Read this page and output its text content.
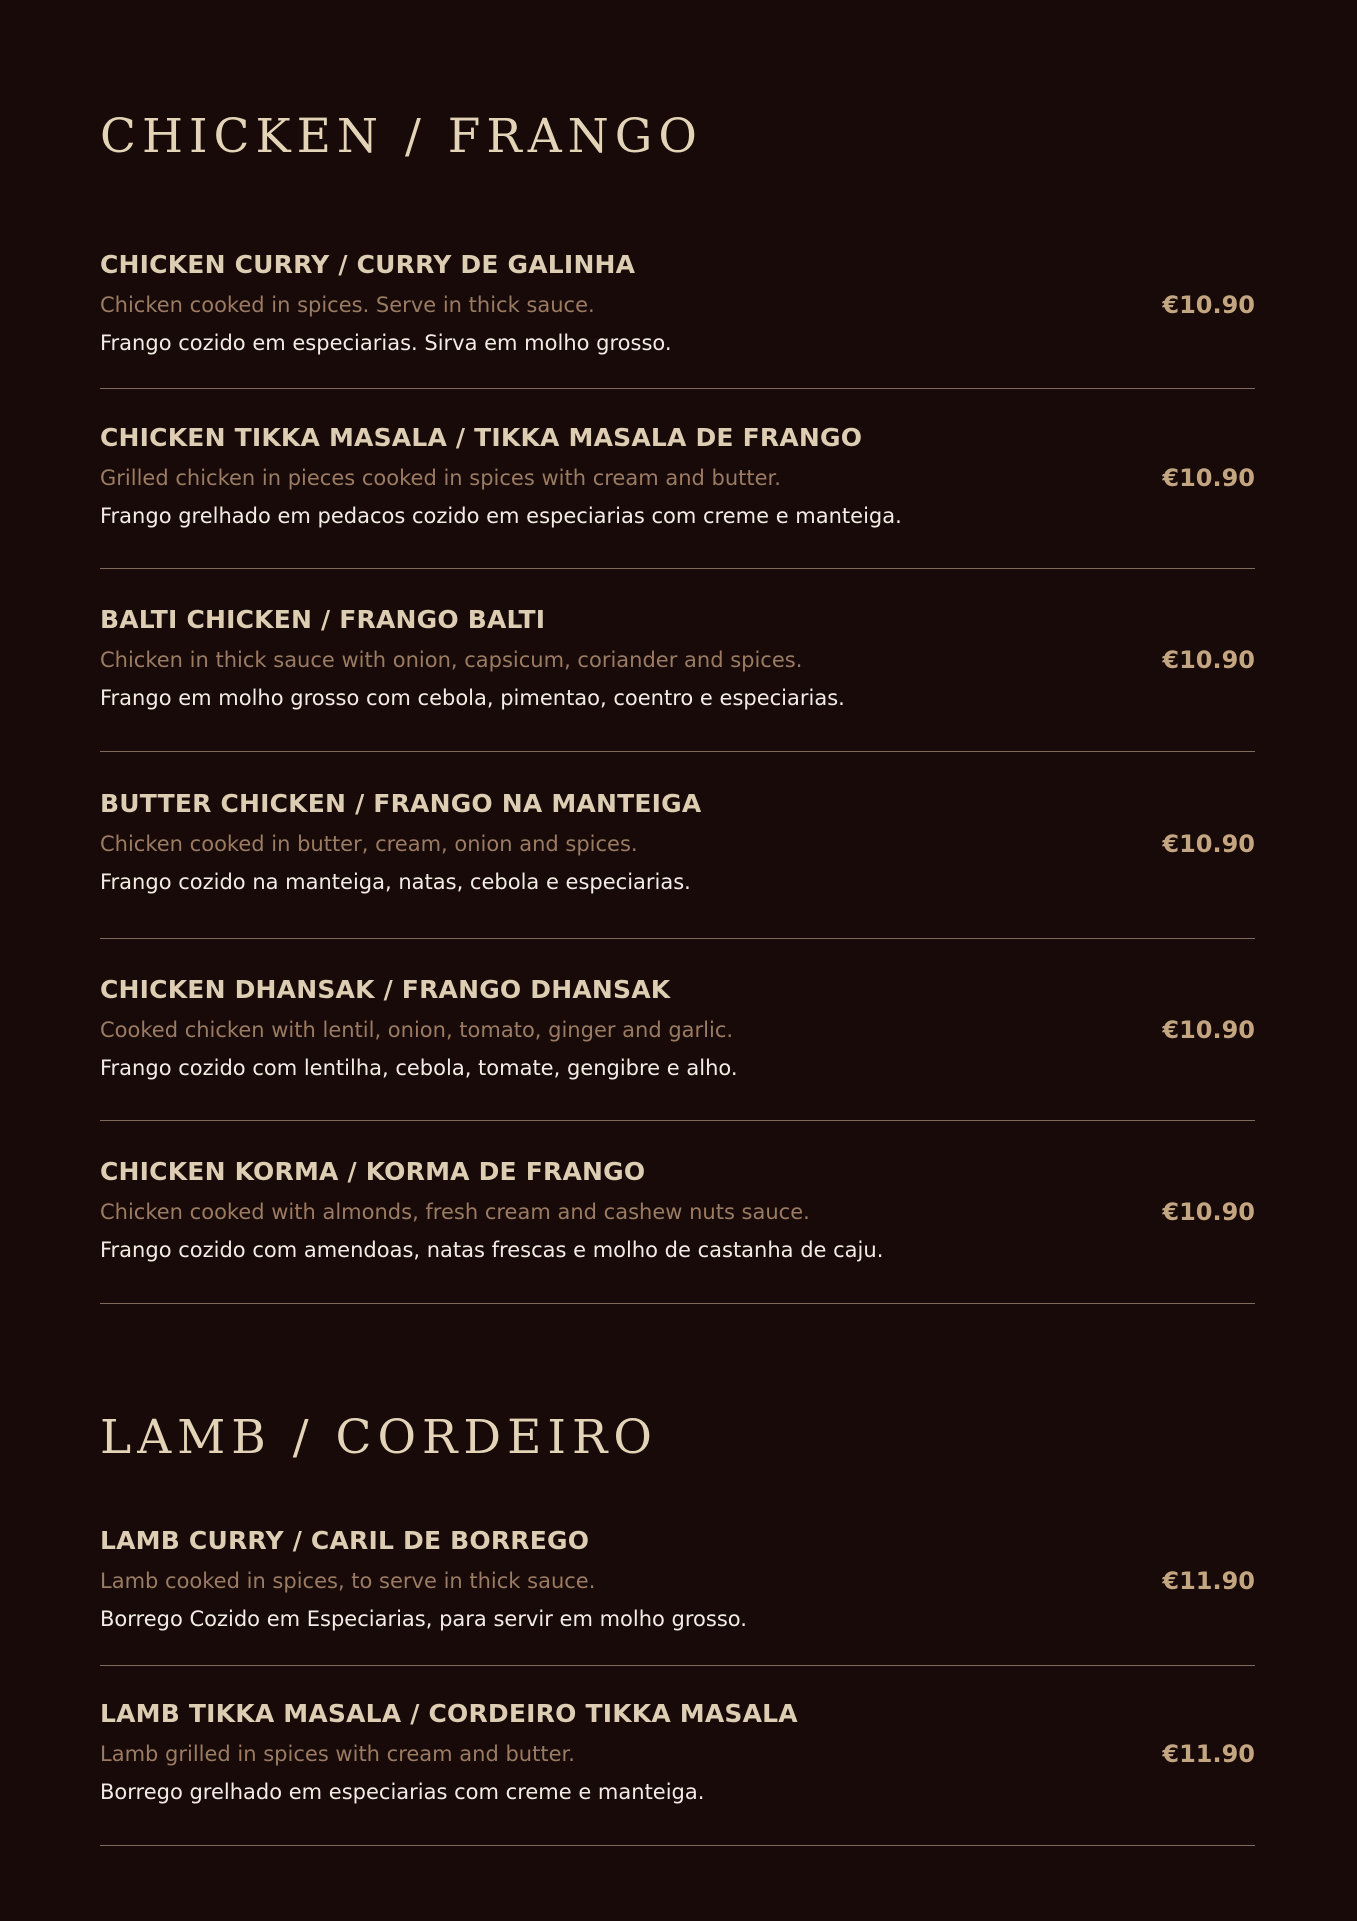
CHICKEN / FRANGO
CHICKEN CURRY / CURRY DE GALINHA
Chicken cooked in spices. Serve in thick sauce.
Frango cozido em especiarias. Sirva em molho grosso.
€10.90
CHICKEN TIKKA MASALA / TIKKA MASALA DE FRANGO
Grilled chicken in pieces cooked in spices with cream and butter.
Frango grelhado em pedacos cozido em especiarias com creme e manteiga.
€10.90
BALTI CHICKEN / FRANGO BALTI
Chicken in thick sauce with onion, capsicum, coriander and spices.
Frango em molho grosso com cebola, pimentao, coentro e especiarias.
€10.90
BUTTER CHICKEN / FRANGO NA MANTEIGA
Chicken cooked in butter, cream, onion and spices.
Frango cozido na manteiga, natas, cebola e especiarias.
€10.90
CHICKEN DHANSAK / FRANGO DHANSAK
Cooked chicken with lentil, onion, tomato, ginger and garlic.
Frango cozido com lentilha, cebola, tomate, gengibre e alho.
€10.90
CHICKEN KORMA / KORMA DE FRANGO
Chicken cooked with almonds, fresh cream and cashew nuts sauce.
Frango cozido com amendoas, natas frescas e molho de castanha de caju.
€10.90
LAMB / CORDEIRO
LAMB CURRY / CARIL DE BORREGO
Lamb cooked in spices, to serve in thick sauce.
Borrego Cozido em Especiarias, para servir em molho grosso.
€11.90
LAMB TIKKA MASALA / CORDEIRO TIKKA MASALA
Lamb grilled in spices with cream and butter.
Borrego grelhado em especiarias com creme e manteiga.
€11.90
